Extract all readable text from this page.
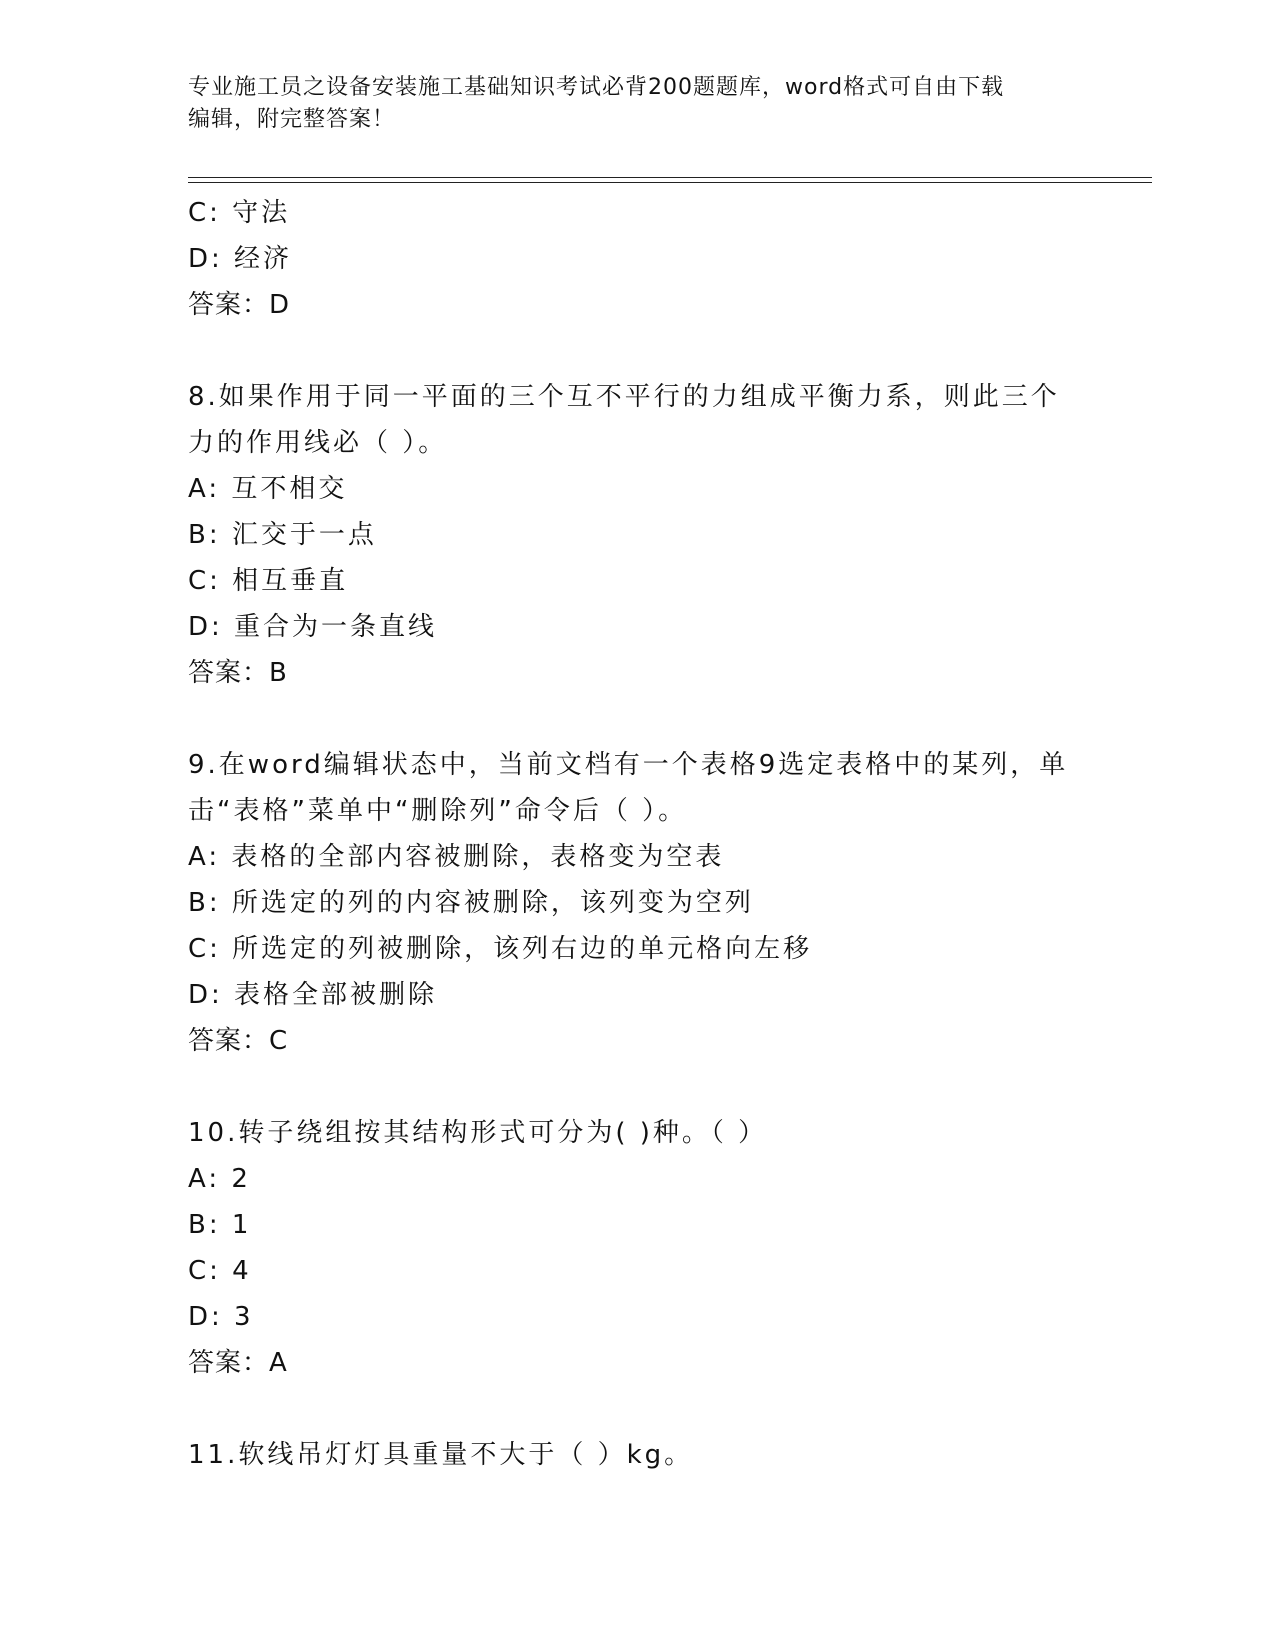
专业施工员之设备安装施工基础知识考试必背200题题库，word格式可自由下载
编辑，附完整答案！
C: 守法
D: 经济
答案：D
8.如果作用于同一平面的三个互不平行的力组成平衡力系，则此三个
力的作用线必（ ）。
A: 互不相交
B: 汇交于一点
C: 相互垂直
D: 重合为一条直线
答案：B
9.在word编辑状态中，当前文档有一个表格9选定表格中的某列，单
击“表格”菜单中“删除列”命令后（ ）。
A: 表格的全部内容被删除，表格变为空表
B: 所选定的列的内容被删除，该列变为空列
C: 所选定的列被删除，该列右边的单元格向左移
D: 表格全部被删除
答案：C
10.转子绕组按其结构形式可分为( )种。（ ）
A: 2
B: 1
C: 4
D: 3
答案：A
11.软线吊灯灯具重量不大于（ ）kg。
